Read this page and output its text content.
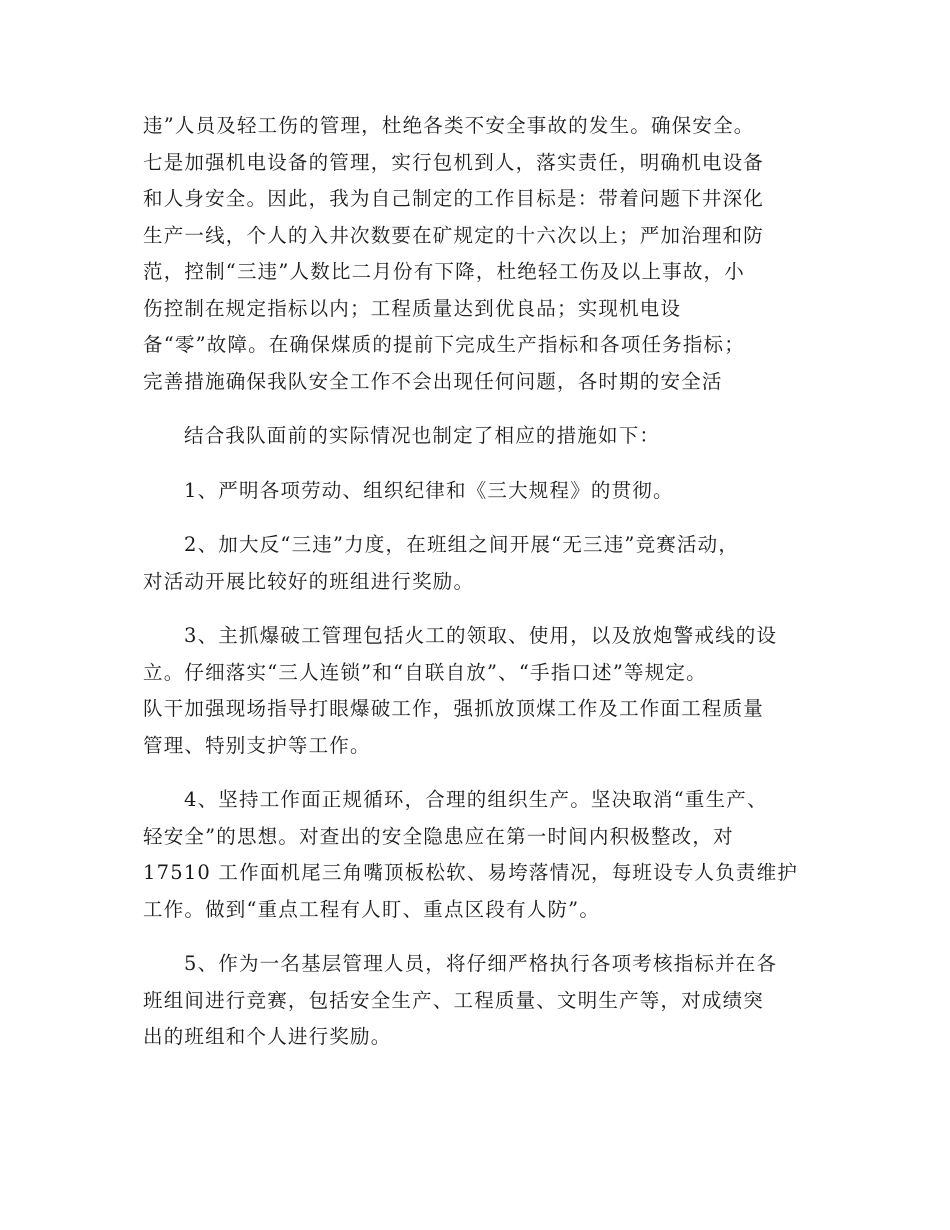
违”人员及轻工伤的管理，杜绝各类不安全事故的发生。确保安全。
七是加强机电设备的管理，实行包机到人，落实责任，明确机电设备
和人身安全。因此，我为自己制定的工作目标是：带着问题下井深化
生产一线，个人的入井次数要在矿规定的十六次以上；严加治理和防
范，控制“三违”人数比二月份有下降，杜绝轻工伤及以上事故，小
伤控制在规定指标以内；工程质量达到优良品；实现机电设
备“零”故障。在确保煤质的提前下完成生产指标和各项任务指标；
完善措施确保我队安全工作不会出现任何问题，各时期的安全活
结合我队面前的实际情况也制定了相应的措施如下：
1、严明各项劳动、组织纪律和《三大规程》的贯彻。
2、加大反“三违”力度，在班组之间开展“无三违”竞赛活动，
对活动开展比较好的班组进行奖励。
3、主抓爆破工管理包括火工的领取、使用，以及放炮警戒线的设
立。仔细落实“三人连锁”和“自联自放”、“手指口述”等规定。
队干加强现场指导打眼爆破工作，强抓放顶煤工作及工作面工程质量
管理、特别支护等工作。
4、坚持工作面正规循环，合理的组织生产。坚决取消“重生产、
轻安全”的思想。对查出的安全隐患应在第一时间内积极整改，对
17510 工作面机尾三角嘴顶板松软、易垮落情况，每班设专人负责维护
工作。做到“重点工程有人盯、重点区段有人防”。
5、作为一名基层管理人员，将仔细严格执行各项考核指标并在各
班组间进行竞赛，包括安全生产、工程质量、文明生产等，对成绩突
出的班组和个人进行奖励。
